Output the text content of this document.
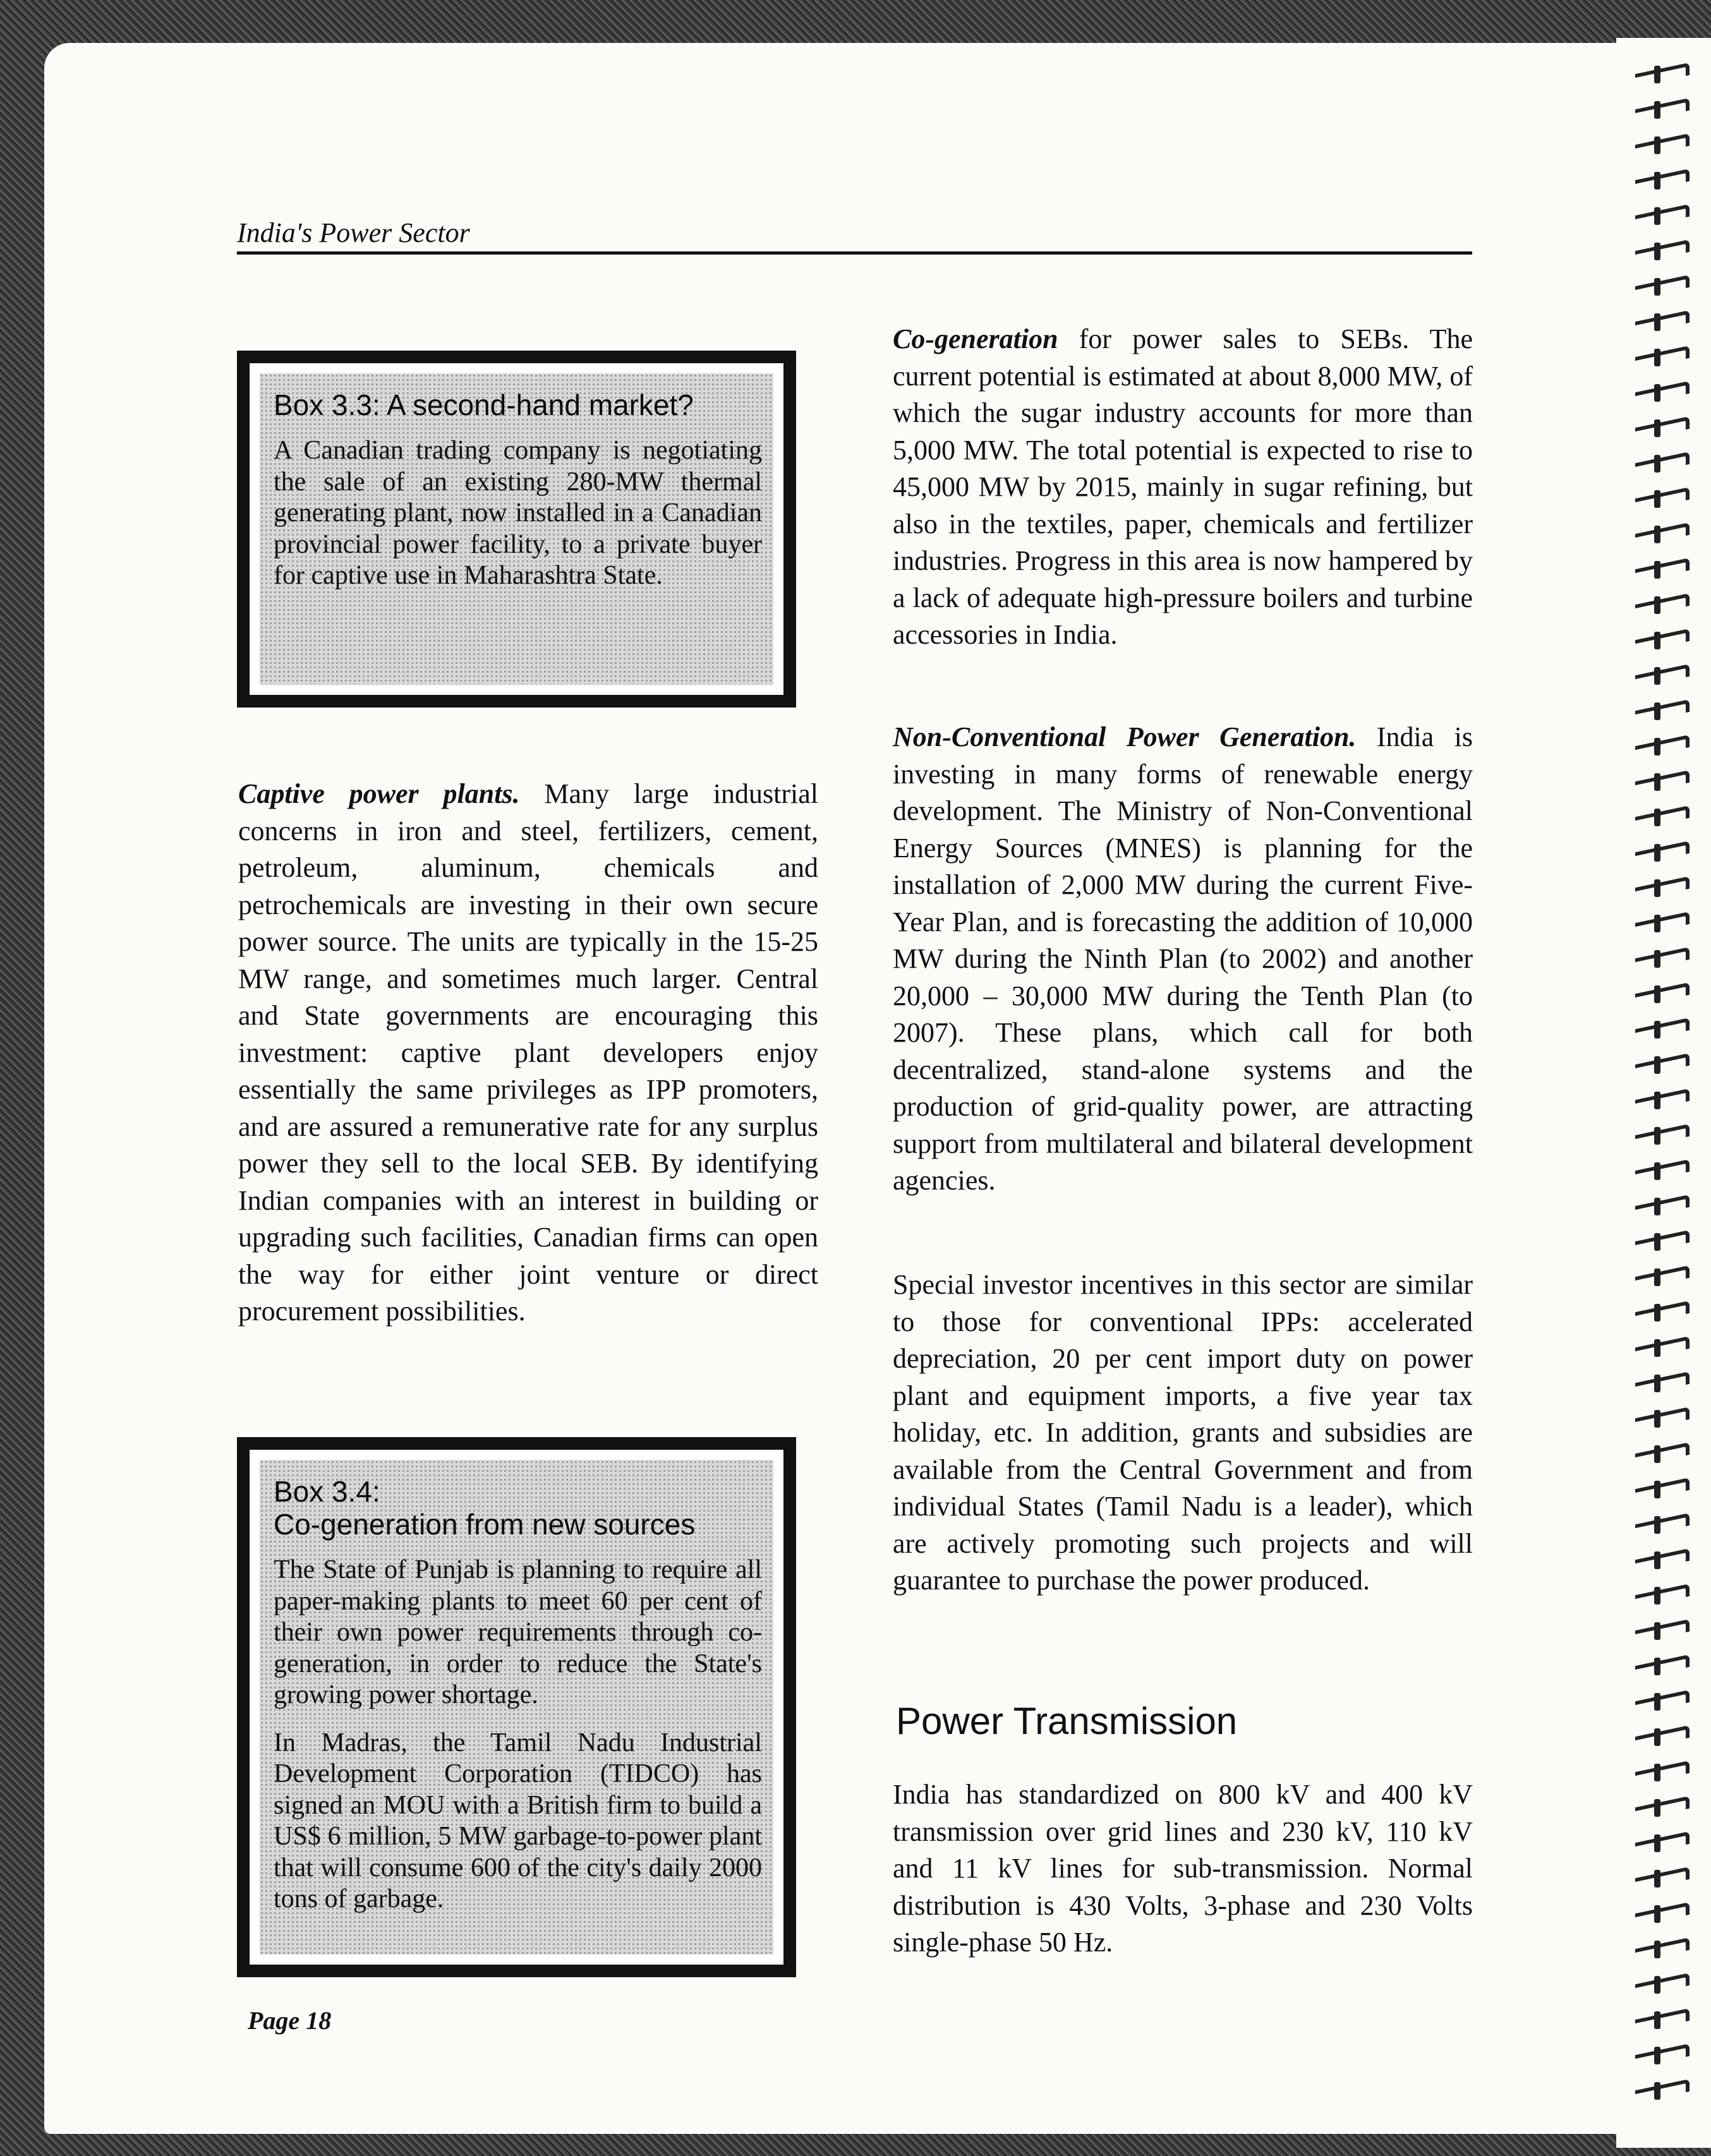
India's Power Sector
Box 3.3: A second-hand market?

A Canadian trading company is negotiating the sale of an existing 280-MW thermal generating plant, now installed in a Canadian provincial power facility, to a private buyer for captive use in Maharashtra State.

Captive power plants. Many large industrial concerns in iron and steel, fertilizers, cement, petroleum, aluminum, chemicals and petrochemicals are investing in their own secure power source. The units are typically in the 15-25 MW range, and sometimes much larger. Central and State governments are encouraging this investment: captive plant developers enjoy essentially the same privileges as IPP promoters, and are assured a remunerative rate for any surplus power they sell to the local SEB. By identifying Indian companies with an interest in building or upgrading such facilities, Canadian firms can open the way for either joint venture or direct procurement possibilities.

Box 3.4:
Co-generation from new sources

The State of Punjab is planning to require all paper-making plants to meet 60 per cent of their own power requirements through co-generation, in order to reduce the State's growing power shortage.

In Madras, the Tamil Nadu Industrial Development Corporation (TIDCO) has signed an MOU with a British firm to build a US$ 6 million, 5 MW garbage-to-power plant that will consume 600 of the city's daily 2000 tons of garbage.

Co-generation for power sales to SEBs. The current potential is estimated at about 8,000 MW, of which the sugar industry accounts for more than 5,000 MW. The total potential is expected to rise to 45,000 MW by 2015, mainly in sugar refining, but also in the textiles, paper, chemicals and fertilizer industries. Progress in this area is now hampered by a lack of adequate high-pressure boilers and turbine accessories in India.

Non-Conventional Power Generation. India is investing in many forms of renewable energy development. The Ministry of Non-Conventional Energy Sources (MNES) is planning for the installation of 2,000 MW during the current Five-Year Plan, and is forecasting the addition of 10,000 MW during the Ninth Plan (to 2002) and another 20,000 – 30,000 MW during the Tenth Plan (to 2007). These plans, which call for both decentralized, stand-alone systems and the production of grid-quality power, are attracting support from multilateral and bilateral development agencies.

Special investor incentives in this sector are similar to those for conventional IPPs: accelerated depreciation, 20 per cent import duty on power plant and equipment imports, a five year tax holiday, etc. In addition, grants and subsidies are available from the Central Government and from individual States (Tamil Nadu is a leader), which are actively promoting such projects and will guarantee to purchase the power produced.

Power Transmission

India has standardized on 800 kV and 400 kV transmission over grid lines and 230 kV, 110 kV and 11 kV lines for sub-transmission. Normal distribution is 430 Volts, 3-phase and 230 Volts single-phase 50 Hz.

Page 18
